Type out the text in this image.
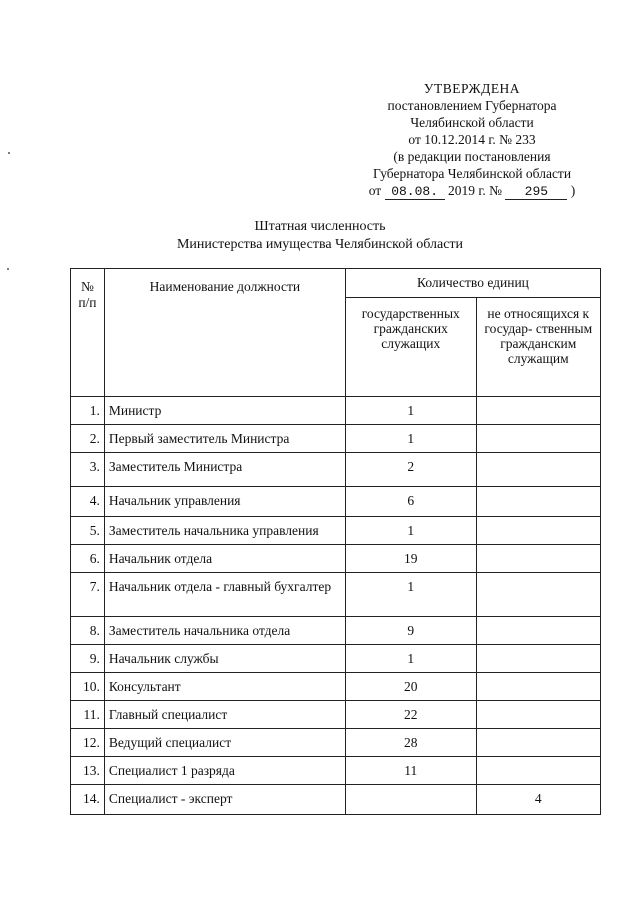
УТВЕРЖДЕНА
постановлением Губернатора
Челябинской области
от 10.12.2014 г. № 233
(в редакции постановления
Губернатора Челябинской области
от 08.08. 2019 г. № 295 )
Штатная численность
Министерства имущества Челябинской области
№
п/п	Наименование должности	Количество единиц	
		государственных гражданских служащих	не относящихся к государ- ственным гражданским служащим
1.	Министр	1	
2.	Первый заместитель Министра	1	
3.	Заместитель Министра	2	
4.	Начальник управления	6	
5.	Заместитель начальника управления	1	
6.	Начальник отдела	19	
7.	Начальник отдела - главный бухгалтер	1	
8.	Заместитель начальника отдела	9	
9.	Начальник службы	1	
10.	Консультант	20	
11.	Главный специалист	22	
12.	Ведущий специалист	28	
13.	Специалист 1 разряда	11	
14.	Специалист - эксперт		4
